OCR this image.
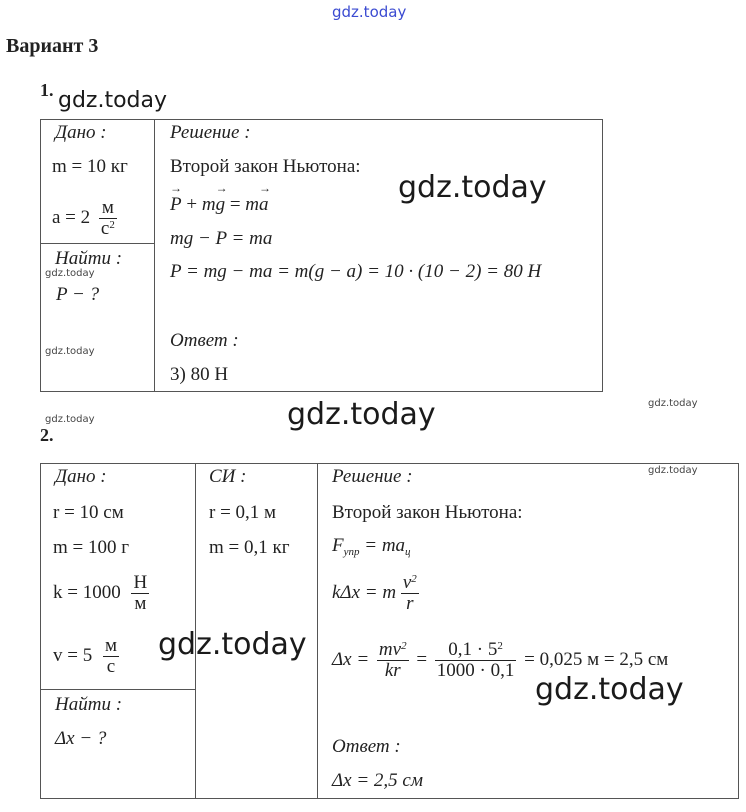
gdz.today
Вариант 3
1. gdz.today
Дано :
m = 10 кг
$a = 2 \frac{м}{c^2}$
Найти :
P − ?
Решение :
Второй закон Ньютона:
→ P + m→ g = m→ a
mg − P = ma
P = mg − ma = m(g − a) = 10 · (10 − 2) = 80 Н
Ответ :
3) 80 Н
gdz.today
gdz.today
gdz.today
gdz.today	gdz.today	gdz.today
2.
Дано :
r = 10 см
m = 100 г
$k = 1000 \frac{Н}{м}$
$v = 5 \frac{м}{с}$
Найти :
Δx − ?
СИ :
r = 0,1 м
m = 0,1 кг
Решение :
Второй закон Ньютона:
$F_{упр} = ma_ц$
kΔx = m $\frac{v^2}{r}$
$\Delta x = \frac{mv^2}{kr} = \frac{0,1 \cdot 5^2}{1000 \cdot 0,1} = 0,025$ м = 2,5 см
Ответ :
Δx = 2,5 см
gdz.today
gdz.today
gdz.today
